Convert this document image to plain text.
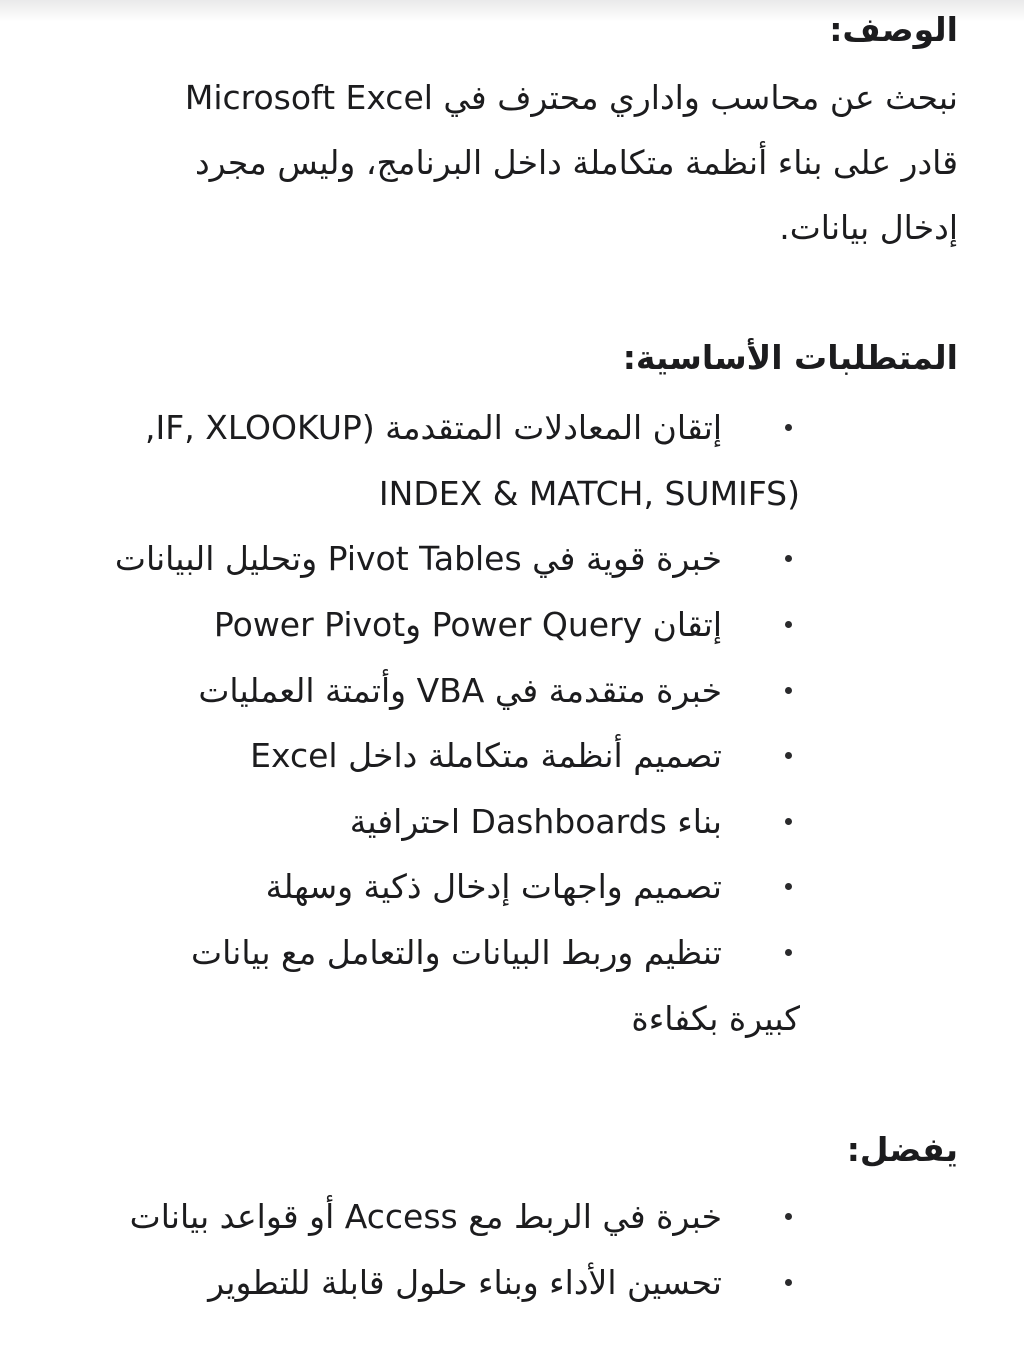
الوصف:
نبحث عن محاسب واداري محترف في Microsoft Excel
قادر على بناء أنظمة متكاملة داخل البرنامج، وليس مجرد
إدخال بيانات.
المتطلبات الأساسية:
إتقان المعادلات المتقدمة (IF, XLOOKUP,
INDEX & MATCH, SUMIFS)
خبرة قوية في Pivot Tables وتحليل البيانات
إتقان Power Query وPower Pivot
خبرة متقدمة في VBA وأتمتة العمليات
تصميم أنظمة متكاملة داخل Excel
بناء Dashboards احترافية
تصميم واجهات إدخال ذكية وسهلة
تنظيم وربط البيانات والتعامل مع بيانات
كبيرة بكفاءة
يفضل:
خبرة في الربط مع Access أو قواعد بيانات
تحسين الأداء وبناء حلول قابلة للتطوير
